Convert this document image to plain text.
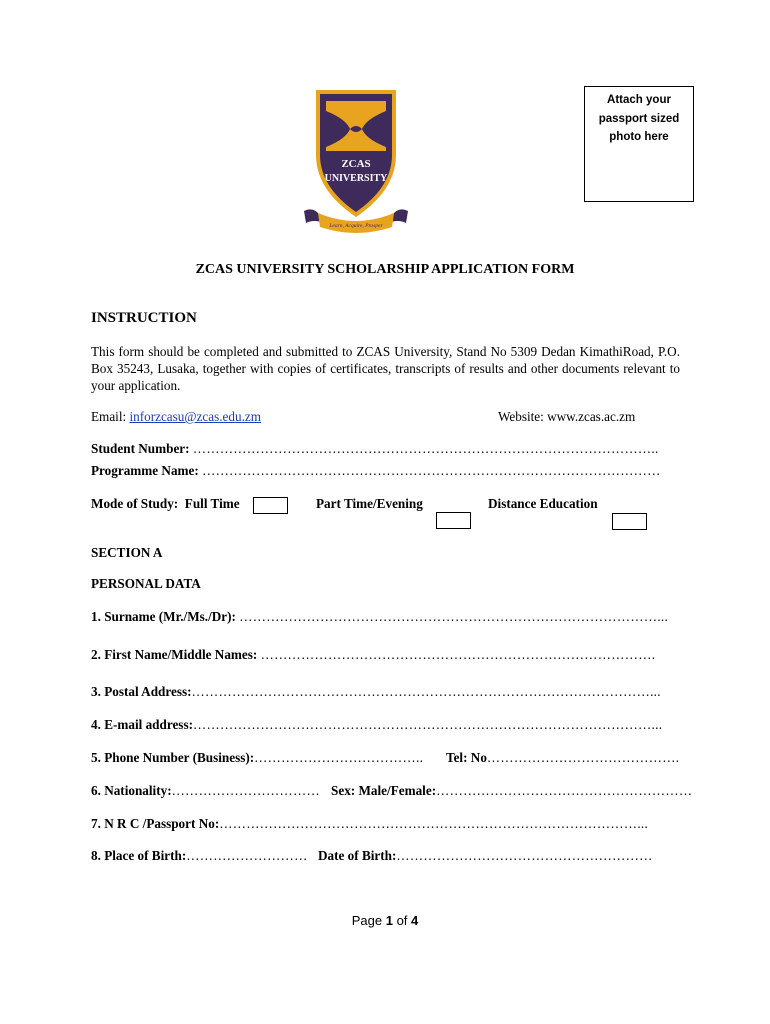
Attach your
passport sized
photo here
ZCAS
UNIVERSITY
Learn, Acquire, Prosper
ZCAS UNIVERSITY SCHOLARSHIP APPLICATION FORM
INSTRUCTION
This form should be completed and submitted to ZCAS University, Stand No 5309 Dedan KimathiRoad, P.O. Box 35243, Lusaka, together with copies of certificates, transcripts of results and other documents relevant to your application.
Email: inforzcasu@zcas.edu.zm	Website: www.zcas.ac.zm
Student Number: …………………………………………………………………………………………..
Programme Name: …………………………………………………………………………………………
Mode of Study: Full Time	Part Time/Evening	Distance Education
SECTION A
PERSONAL DATA
1. Surname (Mr./Ms./Dr): …………………………………………………………………………………...
2. First Name/Middle Names: …………………………………………………………………………….
3. Postal Address:…………………………………………………………………………………………...
4. E-mail address:…………………………………………………………………………………………...
5. Phone Number (Business):……………………………….. Tel: No…………………………………….
6. Nationality:…………………………… Sex: Male/Female:…………………………………………………
7. N R C /Passport No:…………………………………………………………………………………...
8. Place of Birth:……………………… Date of Birth:…………………………………………………
Page 1 of 4
